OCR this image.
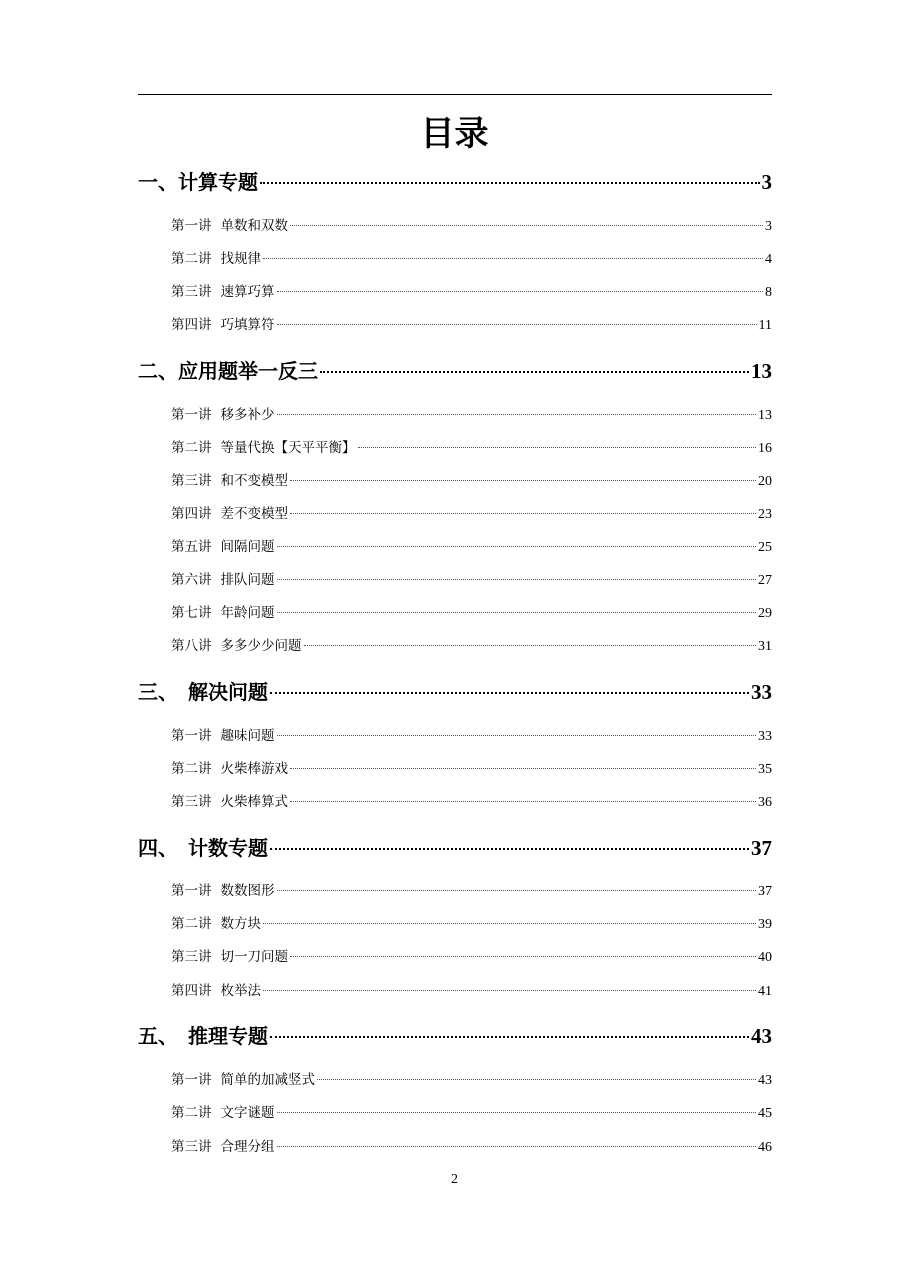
目录
一、计算专题	3
第一讲 单数和双数	3
第二讲 找规律	4
第三讲 速算巧算	8
第四讲 巧填算符	11
二、应用题举一反三	13
第一讲 移多补少	13
第二讲 等量代换【天平平衡】	16
第三讲 和不变模型	20
第四讲 差不变模型	23
第五讲 间隔问题	25
第六讲 排队问题	27
第七讲 年龄问题	29
第八讲 多多少少问题	31
三、　解决问题	33
第一讲 趣味问题	33
第二讲 火柴棒游戏	35
第三讲 火柴棒算式	36
四、　计数专题	37
第一讲 数数图形	37
第二讲 数方块	39
第三讲 切一刀问题	40
第四讲 枚举法	41
五、　推理专题	43
第一讲 简单的加减竖式	43
第二讲 文字谜题	45
第三讲 合理分组	46
2
